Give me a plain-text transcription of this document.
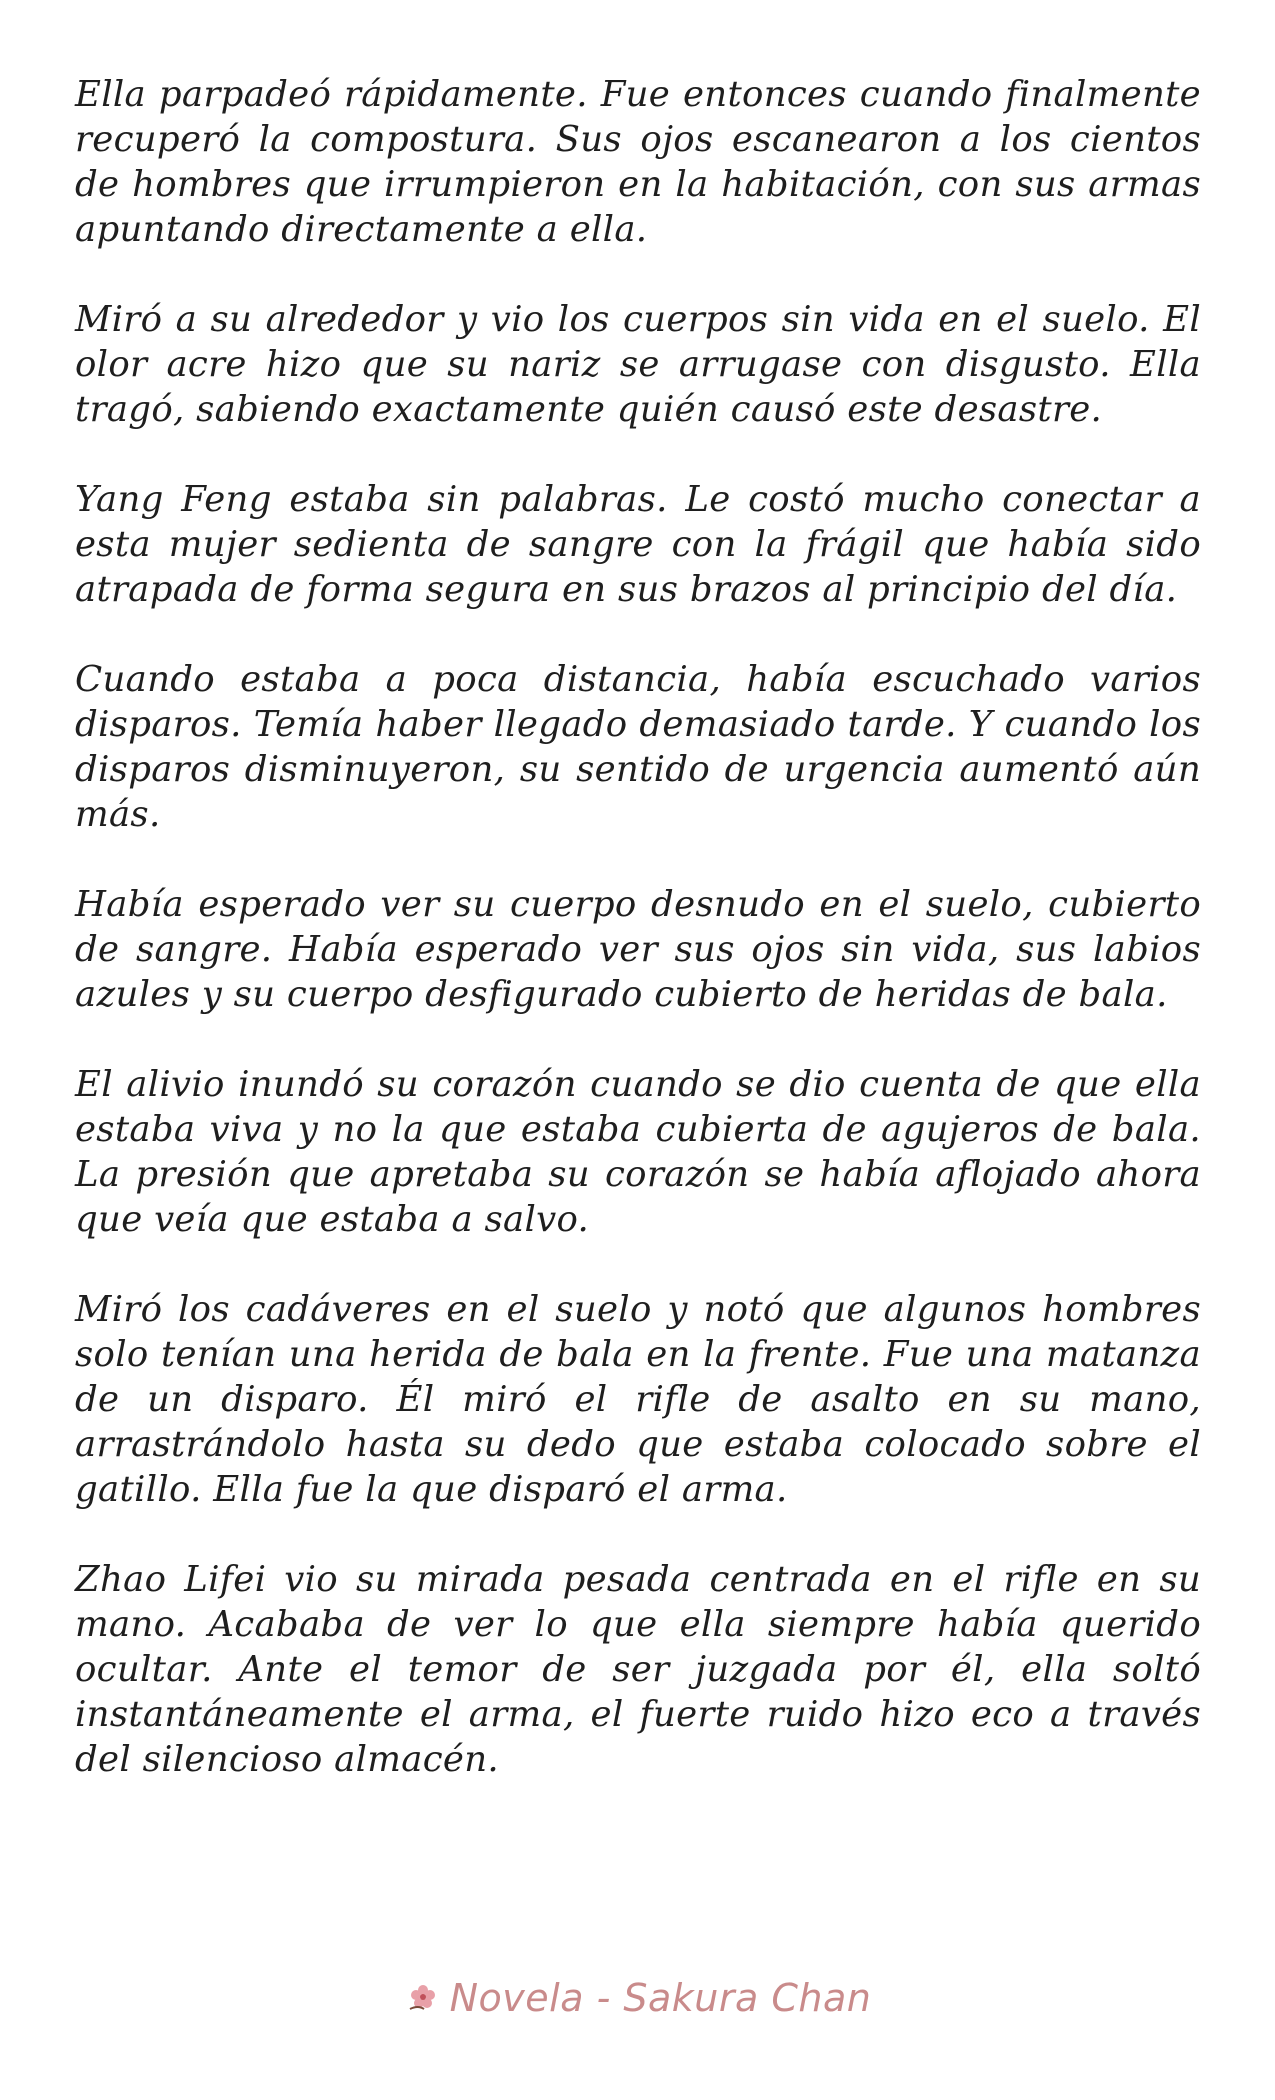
Ella parpadeó rápidamente. Fue entonces cuando finalmente recuperó la compostura. Sus ojos escanearon a los cientos de hombres que irrumpieron en la habitación, con sus armas apuntando directamente a ella.

Miró a su alrededor y vio los cuerpos sin vida en el suelo. El olor acre hizo que su nariz se arrugase con disgusto. Ella tragó, sabiendo exactamente quién causó este desastre.

Yang Feng estaba sin palabras. Le costó mucho conectar a esta mujer sedienta de sangre con la frágil que había sido atrapada de forma segura en sus brazos al principio del día.

Cuando estaba a poca distancia, había escuchado varios disparos. Temía haber llegado demasiado tarde. Y cuando los disparos disminuyeron, su sentido de urgencia aumentó aún más.

Había esperado ver su cuerpo desnudo en el suelo, cubierto de sangre. Había esperado ver sus ojos sin vida, sus labios azules y su cuerpo desfigurado cubierto de heridas de bala.

El alivio inundó su corazón cuando se dio cuenta de que ella estaba viva y no la que estaba cubierta de agujeros de bala. La presión que apretaba su corazón se había aflojado ahora que veía que estaba a salvo.

Miró los cadáveres en el suelo y notó que algunos hombres solo tenían una herida de bala en la frente. Fue una matanza de un disparo. Él miró el rifle de asalto en su mano, arrastrándolo hasta su dedo que estaba colocado sobre el gatillo. Ella fue la que disparó el arma.

Zhao Lifei vio su mirada pesada centrada en el rifle en su mano. Acababa de ver lo que ella siempre había querido ocultar. Ante el temor de ser juzgada por él, ella soltó instantáneamente el arma, el fuerte ruido hizo eco a través del silencioso almacén.

Novela - Sakura Chan
